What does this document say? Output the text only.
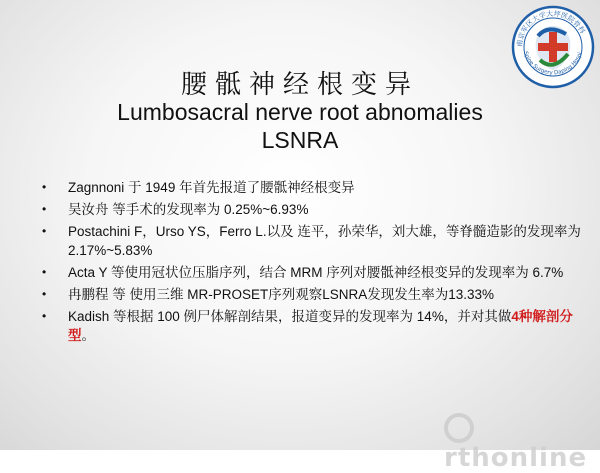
南京军区大学大坪医院骨科
Spine Surgery Daping Hospi
腰骶神经根变异
Lumbosacral nerve root abnomalies
LSNRA
• Zagnnoni 于 1949 年首先报道了腰骶神经根变异
• 吴汝舟 等手术的发现率为 0.25%~6.93%
• Postachini F，Urso YS，Ferro L.以及 连平，孙荣华，刘大雄，等脊髓造影的发现率为2.17%~5.83%
• Acta Y 等使用冠状位压脂序列，结合 MRM 序列对腰骶神经根变异的发现率为 6.7%
• 冉鹏程 等 使用三维 MR-PROSET序列观察LSNRA发现发生率为13.33%
• Kadish 等根据 100 例尸体解剖结果，报道变异的发现率为 14%，并对其做4种解剖分型。
rthonline
